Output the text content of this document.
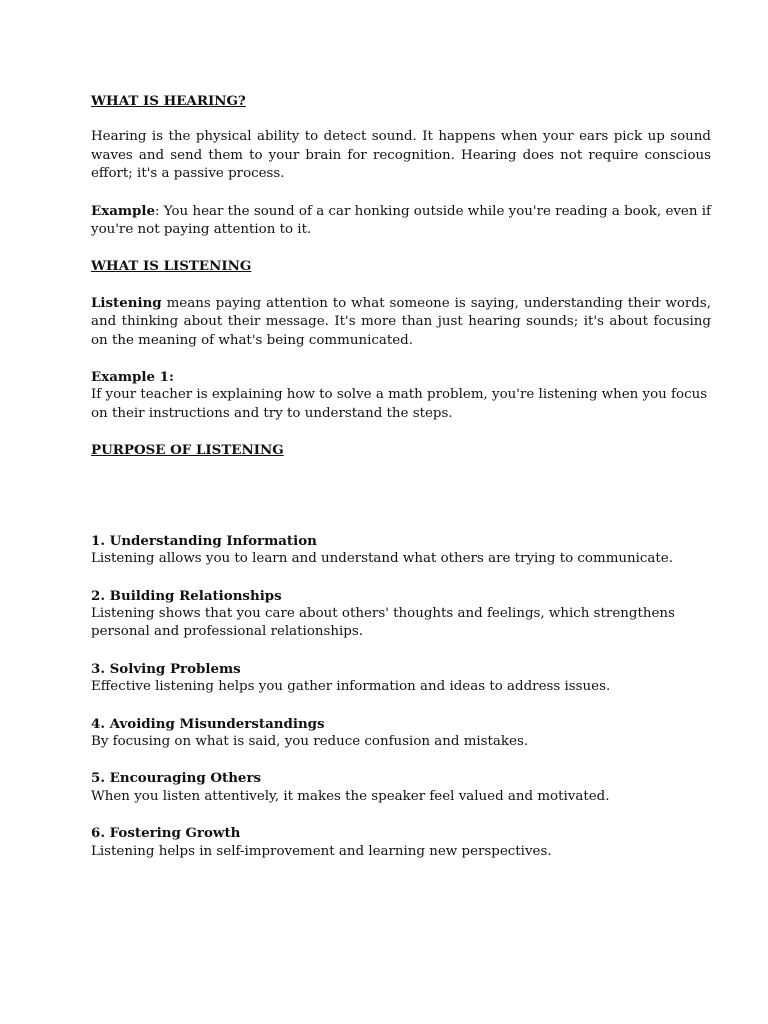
WHAT IS HEARING?

Hearing is the physical ability to detect sound. It happens when your ears pick up sound waves and send them to your brain for recognition. Hearing does not require conscious effort; it's a passive process.

Example: You hear the sound of a car honking outside while you're reading a book, even if you're not paying attention to it.

WHAT IS LISTENING

Listening means paying attention to what someone is saying, understanding their words, and thinking about their message. It's more than just hearing sounds; it's about focusing on the meaning of what's being communicated.

Example 1:
If your teacher is explaining how to solve a math problem, you're listening when you focus on their instructions and try to understand the steps.

PURPOSE OF LISTENING

1. Understanding Information
Listening allows you to learn and understand what others are trying to communicate.
2. Building Relationships
Listening shows that you care about others' thoughts and feelings, which strengthens personal and professional relationships.
3. Solving Problems
Effective listening helps you gather information and ideas to address issues.
4. Avoiding Misunderstandings
By focusing on what is said, you reduce confusion and mistakes.
5. Encouraging Others
When you listen attentively, it makes the speaker feel valued and motivated.
6. Fostering Growth
Listening helps in self-improvement and learning new perspectives.
